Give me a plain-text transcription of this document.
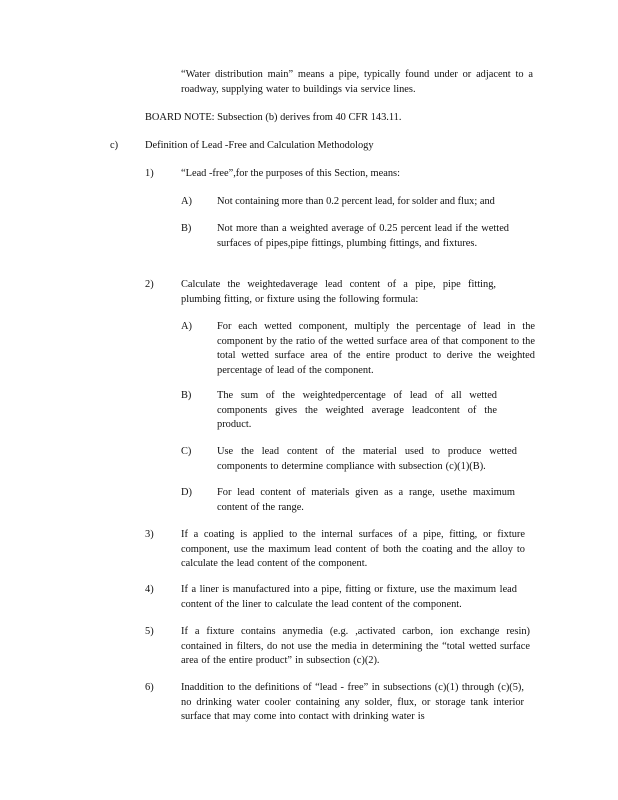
“Water distribution main” means a pipe, typically found under or adjacent to a roadway, supplying water to buildings via service lines.

BOARD NOTE: Subsection (b) derives from 40 CFR 143.11.

c)	Definition of Lead -Free and Calculation Methodology

1)	“Lead -free”,for the purposes of this Section, means:

A) Not containing more than 0.2 percent lead, for solder and flux; and

B) Not more than a weighted average of 0.25 percent lead if the wetted surfaces of pipes,pipe fittings, plumbing fittings, and fixtures.

2)	Calculate the weightedaverage lead content of a pipe, pipe fitting, plumbing fitting, or fixture using the following formula:

A) For each wetted component, multiply the percentage of lead in the component by the ratio of the wetted surface area of that component to the total wetted surface area of the entire product to derive the weighted percentage of lead of the component.

B) The sum of the weightedpercentage of lead of all wetted components gives the weighted average leadcontent of the product.

C) Use the lead content of the material used to produce wetted components to determine compliance with subsection (c)(1)(B).

D) For lead content of materials given as a range, usethe maximum content of the range.

3)	If a coating is applied to the internal surfaces of a pipe, fitting, or fixture component, use the maximum lead content of both the coating and the alloy to calculate the lead content of the component.

4)	If a liner is manufactured into a pipe, fitting or fixture, use the maximum lead content of the liner to calculate the lead content of the component.

5)	If a fixture contains anymedia (e.g. ,activated carbon, ion exchange resin) contained in filters, do not use the media in determining the “total wetted surface area of the entire product” in subsection (c)(2).

6)	Inaddition to the definitions of “lead - free” in subsections (c)(1) through (c)(5), no drinking water cooler containing any solder, flux, or storage tank interior surface that may come into contact with drinking water is
